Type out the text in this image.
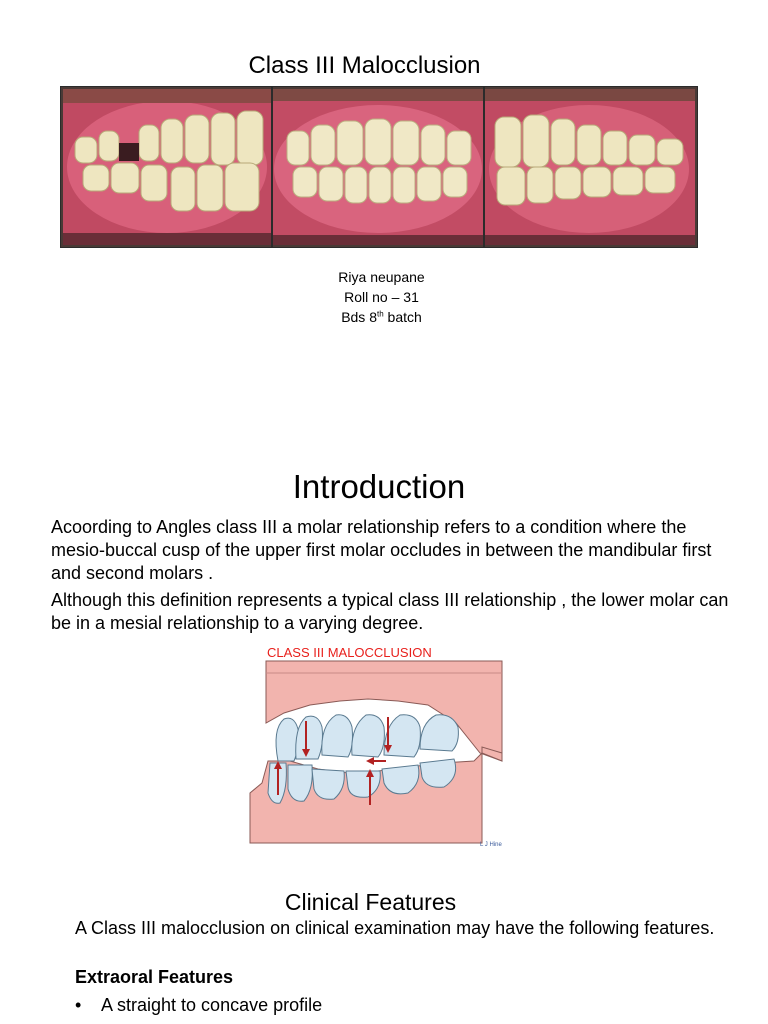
Class III Malocclusion
Riya neupane
Roll no – 31
Bds 8th batch
Introduction
Acoording to Angles class III a molar relationship refers to a condition where the mesio-buccal cusp of the upper first molar occludes in between the mandibular first and second molars .
Although this definition represents a typical class III relationship , the lower molar can be in a mesial relationship to a varying degree.
CLASS III MALOCCLUSION
L J Hine
Clinical Features
A Class III malocclusion on clinical examination may have the following features.
Extraoral Features
• A straight to concave profile
